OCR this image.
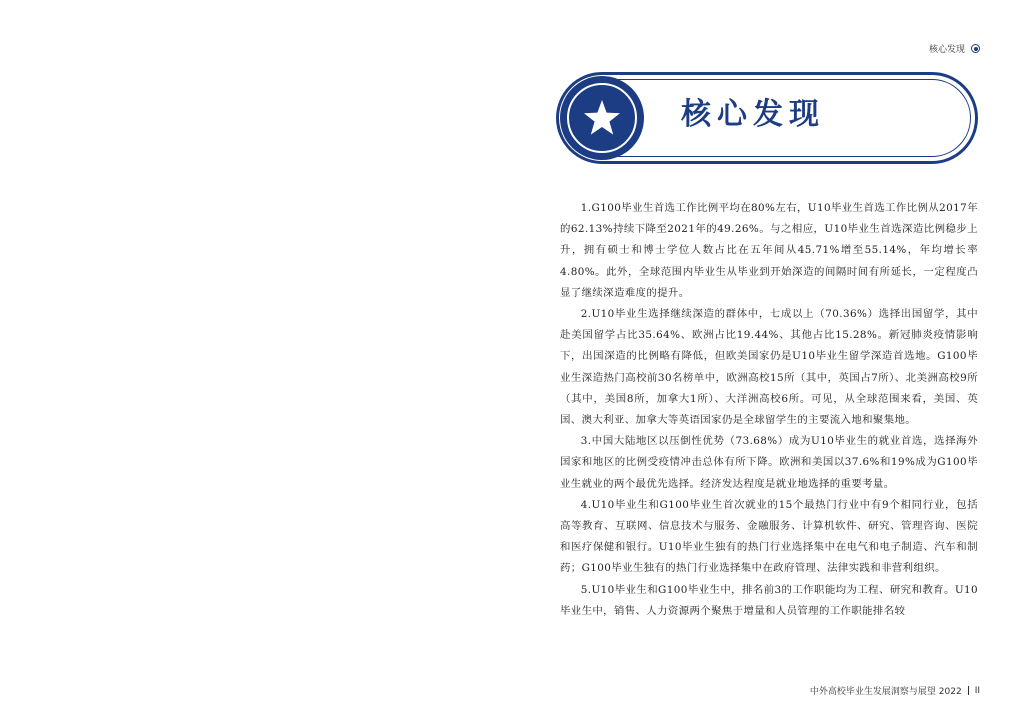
核心发现
核心发现

1.G100毕业生首选工作比例平均在80%左右，U10毕业生首选工作比例从2017年的62.13%持续下降至2021年的49.26%。与之相应，U10毕业生首选深造比例稳步上升，拥有硕士和博士学位人数占比在五年间从45.71%增至55.14%，年均增长率4.80%。此外，全球范围内毕业生从毕业到开始深造的间隔时间有所延长，一定程度凸显了继续深造难度的提升。

2.U10毕业生选择继续深造的群体中，七成以上（70.36%）选择出国留学，其中赴美国留学占比35.64%、欧洲占比19.44%、其他占比15.28%。新冠肺炎疫情影响下，出国深造的比例略有降低，但欧美国家仍是U10毕业生留学深造首选地。G100毕业生深造热门高校前30名榜单中，欧洲高校15所（其中，英国占7所）、北美洲高校9所（其中，美国8所，加拿大1所）、大洋洲高校6所。可见，从全球范围来看，美国、英国、澳大利亚、加拿大等英语国家仍是全球留学生的主要流入地和聚集地。

3.中国大陆地区以压倒性优势（73.68%）成为U10毕业生的就业首选，选择海外国家和地区的比例受疫情冲击总体有所下降。欧洲和美国以37.6%和19%成为G100毕业生就业的两个最优先选择。经济发达程度是就业地选择的重要考量。

4.U10毕业生和G100毕业生首次就业的15个最热门行业中有9个相同行业，包括高等教育、互联网、信息技术与服务、金融服务、计算机软件、研究、管理咨询、医院和医疗保健和银行。U10毕业生独有的热门行业选择集中在电气和电子制造、汽车和制药；G100毕业生独有的热门行业选择集中在政府管理、法律实践和非营利组织。

5.U10毕业生和G100毕业生中，排名前3的工作职能均为工程、研究和教育。U10毕业生中，销售、人力资源两个聚焦于增量和人员管理的工作职能排名较

中外高校毕业生发展洞察与展望 2022 II
